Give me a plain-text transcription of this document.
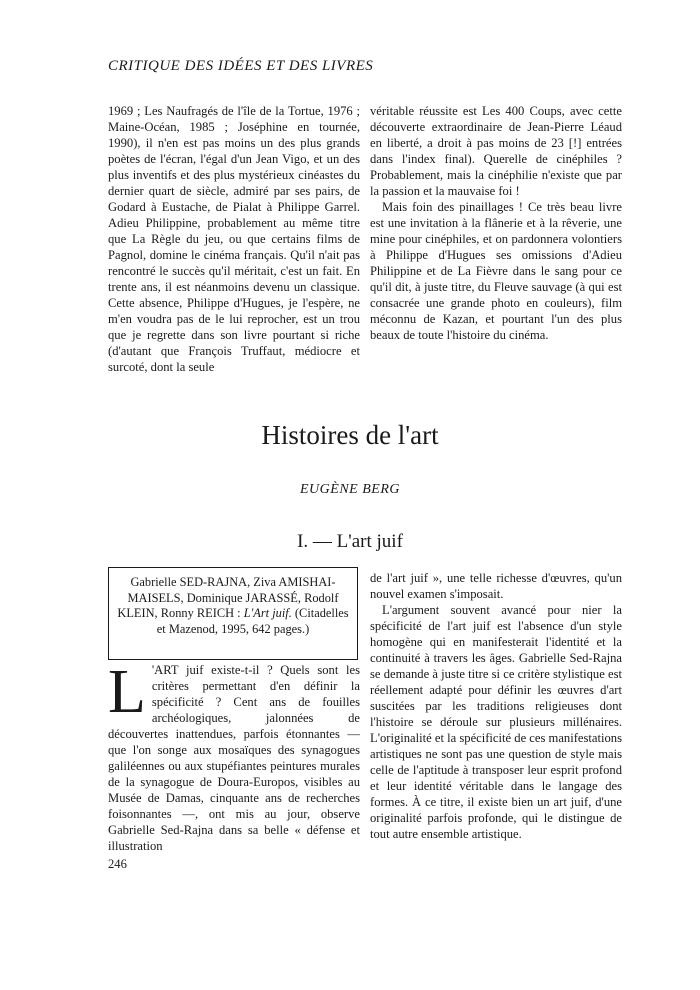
CRITIQUE DES IDÉES ET DES LIVRES

1969 ; Les Naufragés de l'île de la Tortue, 1976 ; Maine-Océan, 1985 ; Joséphine en tournée, 1990), il n'en est pas moins un des plus grands poètes de l'écran, l'égal d'un Jean Vigo, et un des plus inventifs et des plus mystérieux cinéastes du dernier quart de siècle, admiré par ses pairs, de Godard à Eustache, de Pialat à Philippe Garrel. Adieu Philippine, probablement au même titre que La Règle du jeu, ou que certains films de Pagnol, domine le cinéma français. Qu'il n'ait pas rencontré le succès qu'il méritait, c'est un fait. En trente ans, il est néanmoins devenu un classique. Cette absence, Philippe d'Hugues, je l'espère, ne m'en voudra pas de le lui reprocher, est un trou que je regrette dans son livre pourtant si riche (d'autant que François Truffaut, médiocre et surcoté, dont la seule

véritable réussite est Les 400 Coups, avec cette découverte extraordinaire de Jean-Pierre Léaud en liberté, a droit à pas moins de 23 [!] entrées dans l'index final). Querelle de cinéphiles ? Probablement, mais la cinéphilie n'existe que par la passion et la mauvaise foi !

Mais foin des pinaillages ! Ce très beau livre est une invitation à la flânerie et à la rêverie, une mine pour cinéphiles, et on pardonnera volontiers à Philippe d'Hugues ses omissions d'Adieu Philippine et de La Fièvre dans le sang pour ce qu'il dit, à juste titre, du Fleuve sauvage (à qui est consacrée une grande photo en couleurs), film méconnu de Kazan, et pourtant l'un des plus beaux de toute l'histoire du cinéma.

Histoires de l'art
EUGÈNE BERG
I. — L'art juif
Gabrielle SED-RAJNA, Ziva AMISHAI-MAISELS, Dominique JARASSÉ, Rodolf KLEIN, Ronny REICH : L'Art juif. (Citadelles et Mazenod, 1995, 642 pages.)

L 'ART juif existe-t-il ? Quels sont les critères permettant d'en définir la spécificité ? Cent ans de fouilles archéologiques, jalonnées de découvertes inattendues, parfois étonnantes — que l'on songe aux mosaïques des synagogues galiléennes ou aux stupéfiantes peintures murales de la synagogue de Doura-Europos, visibles au Musée de Damas, cinquante ans de recherches foisonnantes —, ont mis au jour, observe Gabrielle Sed-Rajna dans sa belle « défense et illustration

de l'art juif », une telle richesse d'œuvres, qu'un nouvel examen s'imposait.

L'argument souvent avancé pour nier la spécificité de l'art juif est l'absence d'un style homogène qui en manifesterait l'identité et la continuité à travers les âges. Gabrielle Sed-Rajna se demande à juste titre si ce critère stylistique est réellement adapté pour définir les œuvres d'art suscitées par les traditions religieuses dont l'histoire se déroule sur plusieurs millénaires. L'originalité et la spécificité de ces manifestations artistiques ne sont pas une question de style mais celle de l'aptitude à transposer leur esprit profond et leur identité véritable dans le langage des formes. À ce titre, il existe bien un art juif, d'une originalité parfois profonde, qui le distingue de tout autre ensemble artistique.

246
